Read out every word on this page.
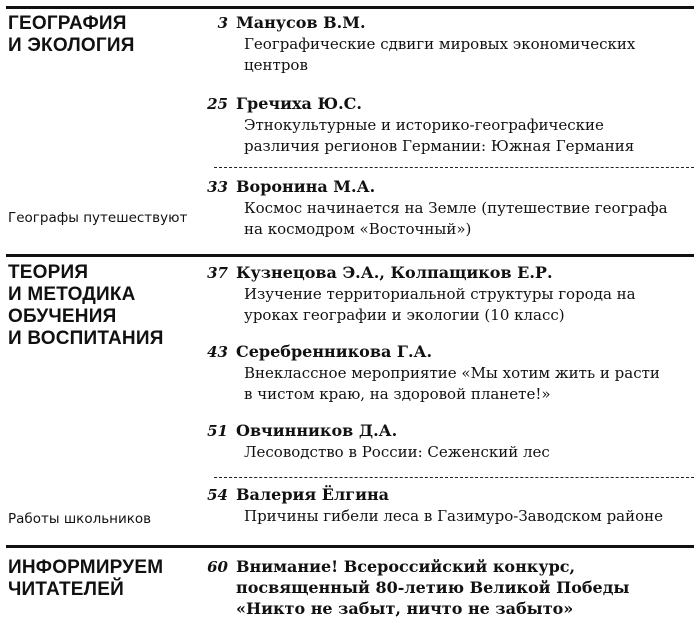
ГЕОГРАФИЯ
И ЭКОЛОГИЯ
3 Манусов В.М.
Географические сдвиги мировых экономических
центров
25 Гречиха Ю.С.
Этнокультурные и историко-географические
различия регионов Германии: Южная Германия
Географы путешествуют
33 Воронина М.А.
Космос начинается на Земле (путешествие географа
на космодром «Восточный»)
ТЕОРИЯ
И МЕТОДИКА
ОБУЧЕНИЯ
И ВОСПИТАНИЯ
37 Кузнецова Э.А., Колпащиков Е.Р.
Изучение территориальной структуры города на
уроках географии и экологии (10 класс)
43 Серебренникова Г.А.
Внеклассное мероприятие «Мы хотим жить и расти
в чистом краю, на здоровой планете!»
51 Овчинников Д.А.
Лесоводство в России: Сеженский лес
Работы школьников
54 Валерия Ёлгина
Причины гибели леса в Газимуро-Заводском районе
ИНФОРМИРУЕМ
ЧИТАТЕЛЕЙ
60 Внимание! Всероссийский конкурс,
посвященный 80-летию Великой Победы
«Никто не забыт, ничто не забыто»
